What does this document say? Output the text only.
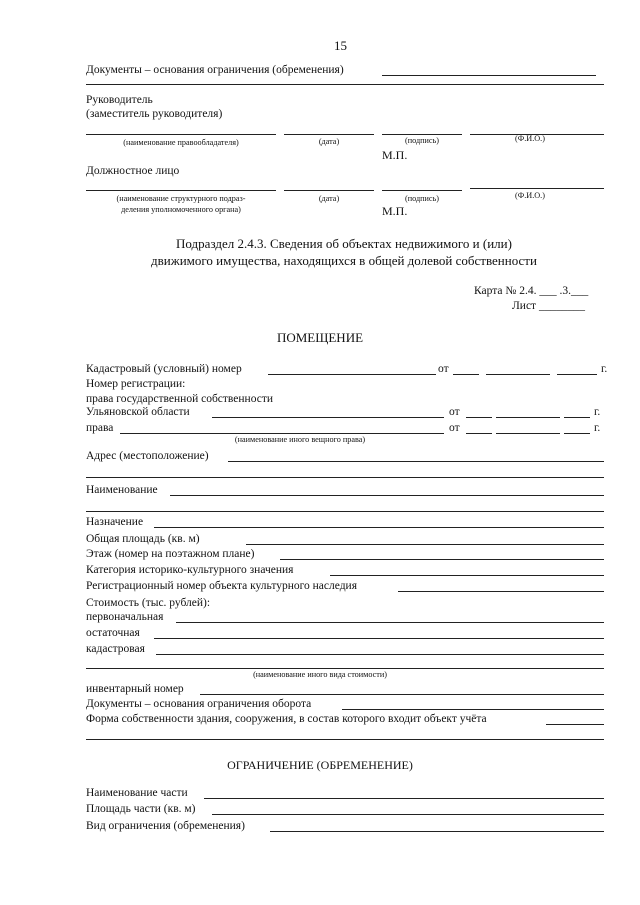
15
Документы – основания ограничения (обременения)
Руководитель
(заместитель руководителя)
(наименование правообладателя)	(дата)	(подпись)	(Ф.И.О.)
М.П.
Должностное лицо
(наименование структурного подраз-
деления уполномоченного органа)
(дата)	(подпись)	(Ф.И.О.)
М.П.
Подраздел 2.4.3. Сведения об объектах недвижимого и (или)
движимого имущества, находящихся в общей долевой собственности
Карта № 2.4. ___ .3.___
Лист ________
ПОМЕЩЕНИЕ
Кадастровый (условный) номер	от	г.
Номер регистрации:
права государственной собственности
Ульяновской области	от	г.
права	от	г.
(наименование иного вещного права)
Адрес (местоположение)
Наименование
Назначение
Общая площадь (кв. м)
Этаж (номер на поэтажном плане)
Категория историко-культурного значения
Регистрационный номер объекта культурного наследия
Стоимость (тыс. рублей):
первоначальная
остаточная
кадастровая
(наименование иного вида стоимости)
инвентарный номер
Документы – основания ограничения оборота
Форма собственности здания, сооружения, в состав которого входит объект учёта
ОГРАНИЧЕНИЕ (ОБРЕМЕНЕНИЕ)
Наименование части
Площадь части (кв. м)
Вид ограничения (обременения)
